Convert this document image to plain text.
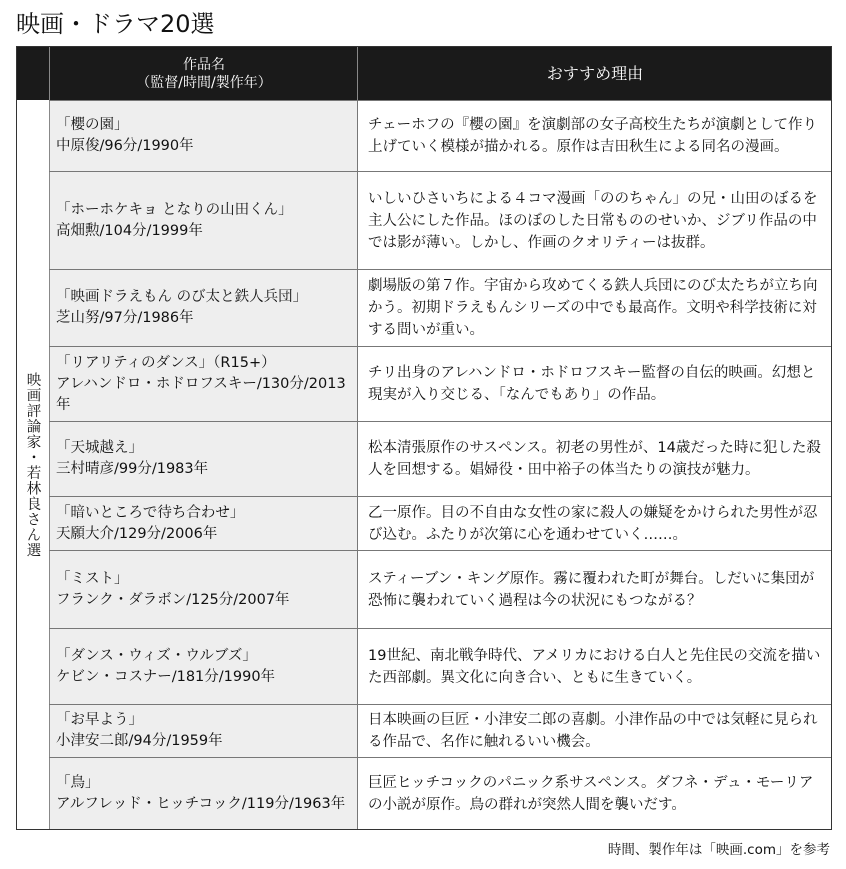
映画・ドラマ20選
作品名
（監督/時間/製作年）	おすすめ理由
映画評論家・若林良さん選
「櫻の園」
中原俊/96分/1990年
チェーホフの『櫻の園』を演劇部の女子高校生たちが演劇として作り上げていく模様が描かれる。原作は吉田秋生による同名の漫画。
「ホーホケキョ となりの山田くん」
高畑勲/104分/1999年
いしいひさいちによる４コマ漫画「ののちゃん」の兄・山田のぼるを主人公にした作品。ほのぼのした日常もののせいか、ジブリ作品の中では影が薄い。しかし、作画のクオリティーは抜群。
「映画ドラえもん のび太と鉄人兵団」
芝山努/97分/1986年
劇場版の第７作。宇宙から攻めてくる鉄人兵団にのび太たちが立ち向かう。初期ドラえもんシリーズの中でも最高作。文明や科学技術に対する問いが重い。
「リアリティのダンス」（R15+）
アレハンドロ・ホドロフスキー/130分/2013年
チリ出身のアレハンドロ・ホドロフスキー監督の自伝的映画。幻想と現実が入り交じる、「なんでもあり」の作品。
「天城越え」
三村晴彦/99分/1983年
松本清張原作のサスペンス。初老の男性が、14歳だった時に犯した殺人を回想する。娼婦役・田中裕子の体当たりの演技が魅力。
「暗いところで待ち合わせ」
天願大介/129分/2006年
乙一原作。目の不自由な女性の家に殺人の嫌疑をかけられた男性が忍び込む。ふたりが次第に心を通わせていく……。
「ミスト」
フランク・ダラボン/125分/2007年
スティーブン・キング原作。霧に覆われた町が舞台。しだいに集団が恐怖に襲われていく過程は今の状況にもつながる？
「ダンス・ウィズ・ウルブズ」
ケビン・コスナー/181分/1990年
19世紀、南北戦争時代、アメリカにおける白人と先住民の交流を描いた西部劇。異文化に向き合い、ともに生きていく。
「お早よう」
小津安二郎/94分/1959年
日本映画の巨匠・小津安二郎の喜劇。小津作品の中では気軽に見られる作品で、名作に触れるいい機会。
「鳥」
アルフレッド・ヒッチコック/119分/1963年
巨匠ヒッチコックのパニック系サスペンス。ダフネ・デュ・モーリアの小説が原作。鳥の群れが突然人間を襲いだす。
時間、製作年は「映画.com」を参考
